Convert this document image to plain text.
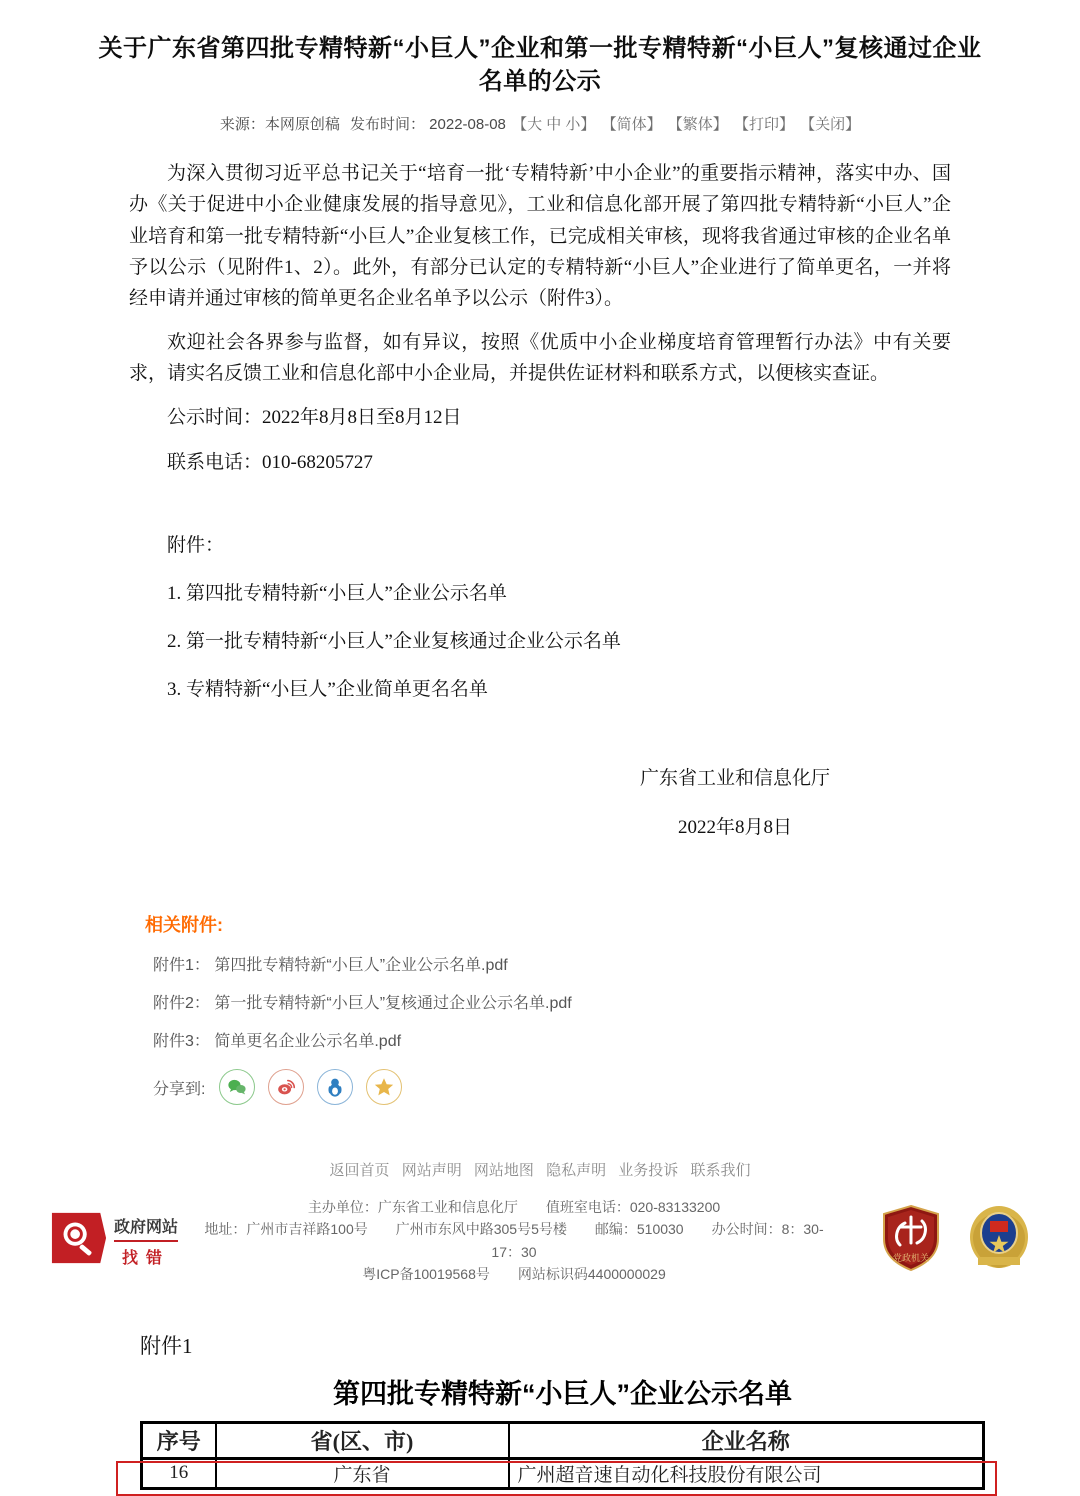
关于广东省第四批专精特新“小巨人”企业和第一批专精特新“小巨人”复核通过企业名单的公示
来源：本网原创稿 发布时间： 2022-08-08 【大 中 小】 【简体】 【繁体】 【打印】 【关闭】

为深入贯彻习近平总书记关于“培育一批‘专精特新’中小企业”的重要指示精神，落实中办、国办《关于促进中小企业健康发展的指导意见》，工业和信息化部开展了第四批专精特新“小巨人”企业培育和第一批专精特新“小巨人”企业复核工作，已完成相关审核，现将我省通过审核的企业名单予以公示（见附件1、2）。此外，有部分已认定的专精特新“小巨人”企业进行了简单更名，一并将经申请并通过审核的简单更名企业名单予以公示（附件3）。

欢迎社会各界参与监督，如有异议，按照《优质中小企业梯度培育管理暂行办法》中有关要求，请实名反馈工业和信息化部中小企业局，并提供佐证材料和联系方式，以便核实查证。

公示时间：2022年8月8日至8月12日

联系电话：010-68205727

附件：

1. 第四批专精特新“小巨人”企业公示名单

2. 第一批专精特新“小巨人”企业复核通过企业公示名单

3. 专精特新“小巨人”企业简单更名名单

广东省工业和信息化厅

2022年8月8日

相关附件:
附件1： 第四批专精特新“小巨人”企业公示名单.pdf
附件2： 第一批专精特新“小巨人”复核通过企业公示名单.pdf
附件3： 简单更名企业公示名单.pdf
分享到:
返回首页 网站声明 网站地图 隐私声明 业务投诉 联系我们
政府网站
找错
主办单位：广东省工业和信息化厅　　值班室电话：020-83133200
地址：广州市吉祥路100号　　广州市东风中路305号5号楼　　邮编：510030　　办公时间：8：30-17：30
粤ICP备10019568号　　网站标识码4400000029
党政机关
附件1
第四批专精特新“小巨人”企业公示名单
序号	省(区、市)	企业名称
16	广东省	广州超音速自动化科技股份有限公司
